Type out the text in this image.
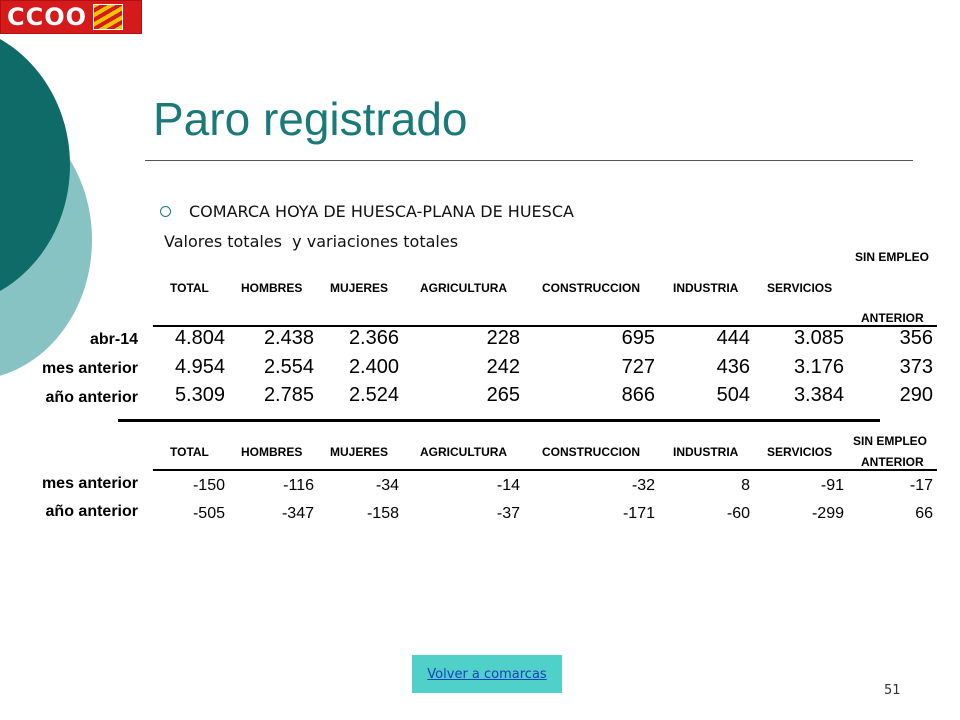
CCOO
Paro registrado
COMARCA HOYA DE HUESCA-PLANA DE HUESCA
Valores totales  y variaciones totales
SIN EMPLEO
TOTAL	HOMBRES MUJERES	AGRICULTURA	CONSTRUCCION	INDUSTRIA SERVICIOS
ANTERIOR
abr-14 4.804 2.438 2.366	228	695	444 3.085	356
mes anterior 4.954 2.554 2.400	242	727	436 3.176	373
año anterior 5.309 2.785 2.524	265	866	504 3.384	290
SIN EMPLEO
TOTAL	HOMBRES MUJERES	AGRICULTURA	CONSTRUCCION	INDUSTRIA SERVICIOS
ANTERIOR
mes anterior	-150	-116	-34	-14	-32	8	-91	-17
año anterior	-505	-347	-158	-37	-171	-60	-299	66
Volver a comarcas
51
